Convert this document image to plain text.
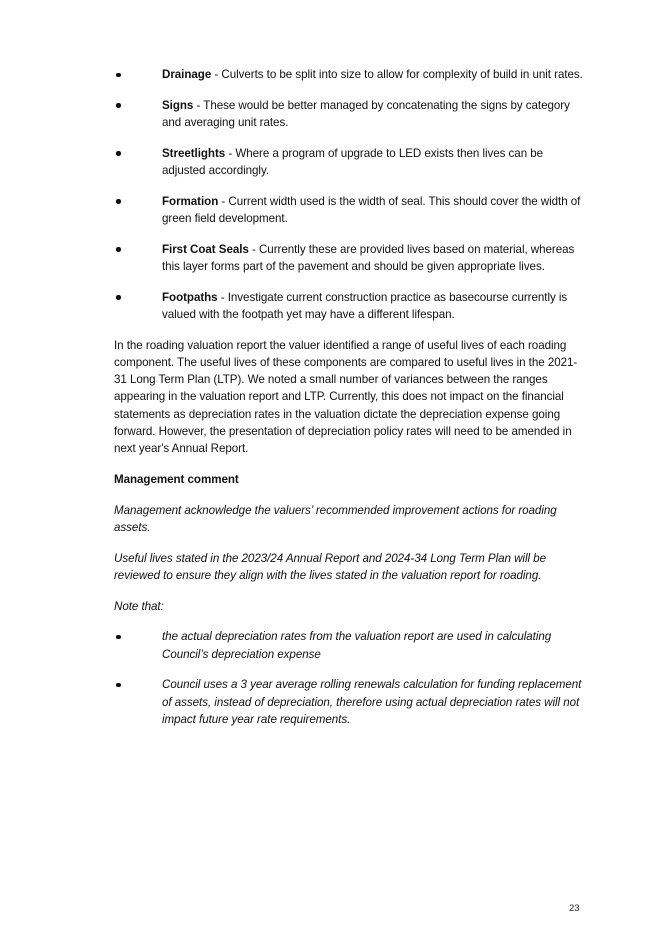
Drainage - Culverts to be split into size to allow for complexity of build in unit rates.
Signs - These would be better managed by concatenating the signs by category and averaging unit rates.
Streetlights - Where a program of upgrade to LED exists then lives can be adjusted accordingly.
Formation - Current width used is the width of seal. This should cover the width of green field development.
First Coat Seals - Currently these are provided lives based on material, whereas this layer forms part of the pavement and should be given appropriate lives.
Footpaths - Investigate current construction practice as basecourse currently is valued with the footpath yet may have a different lifespan.

In the roading valuation report the valuer identified a range of useful lives of each roading component. The useful lives of these components are compared to useful lives in the 2021-31 Long Term Plan (LTP). We noted a small number of variances between the ranges appearing in the valuation report and LTP. Currently, this does not impact on the financial statements as depreciation rates in the valuation dictate the depreciation expense going forward. However, the presentation of depreciation policy rates will need to be amended in next year's Annual Report.

Management comment

Management acknowledge the valuers’ recommended improvement actions for roading assets.

Useful lives stated in the 2023/24 Annual Report and 2024-34 Long Term Plan will be reviewed to ensure they align with the lives stated in the valuation report for roading.

Note that:

the actual depreciation rates from the valuation report are used in calculating Council’s depreciation expense
Council uses a 3 year average rolling renewals calculation for funding replacement of assets, instead of depreciation, therefore using actual depreciation rates will not impact future year rate requirements.
23
